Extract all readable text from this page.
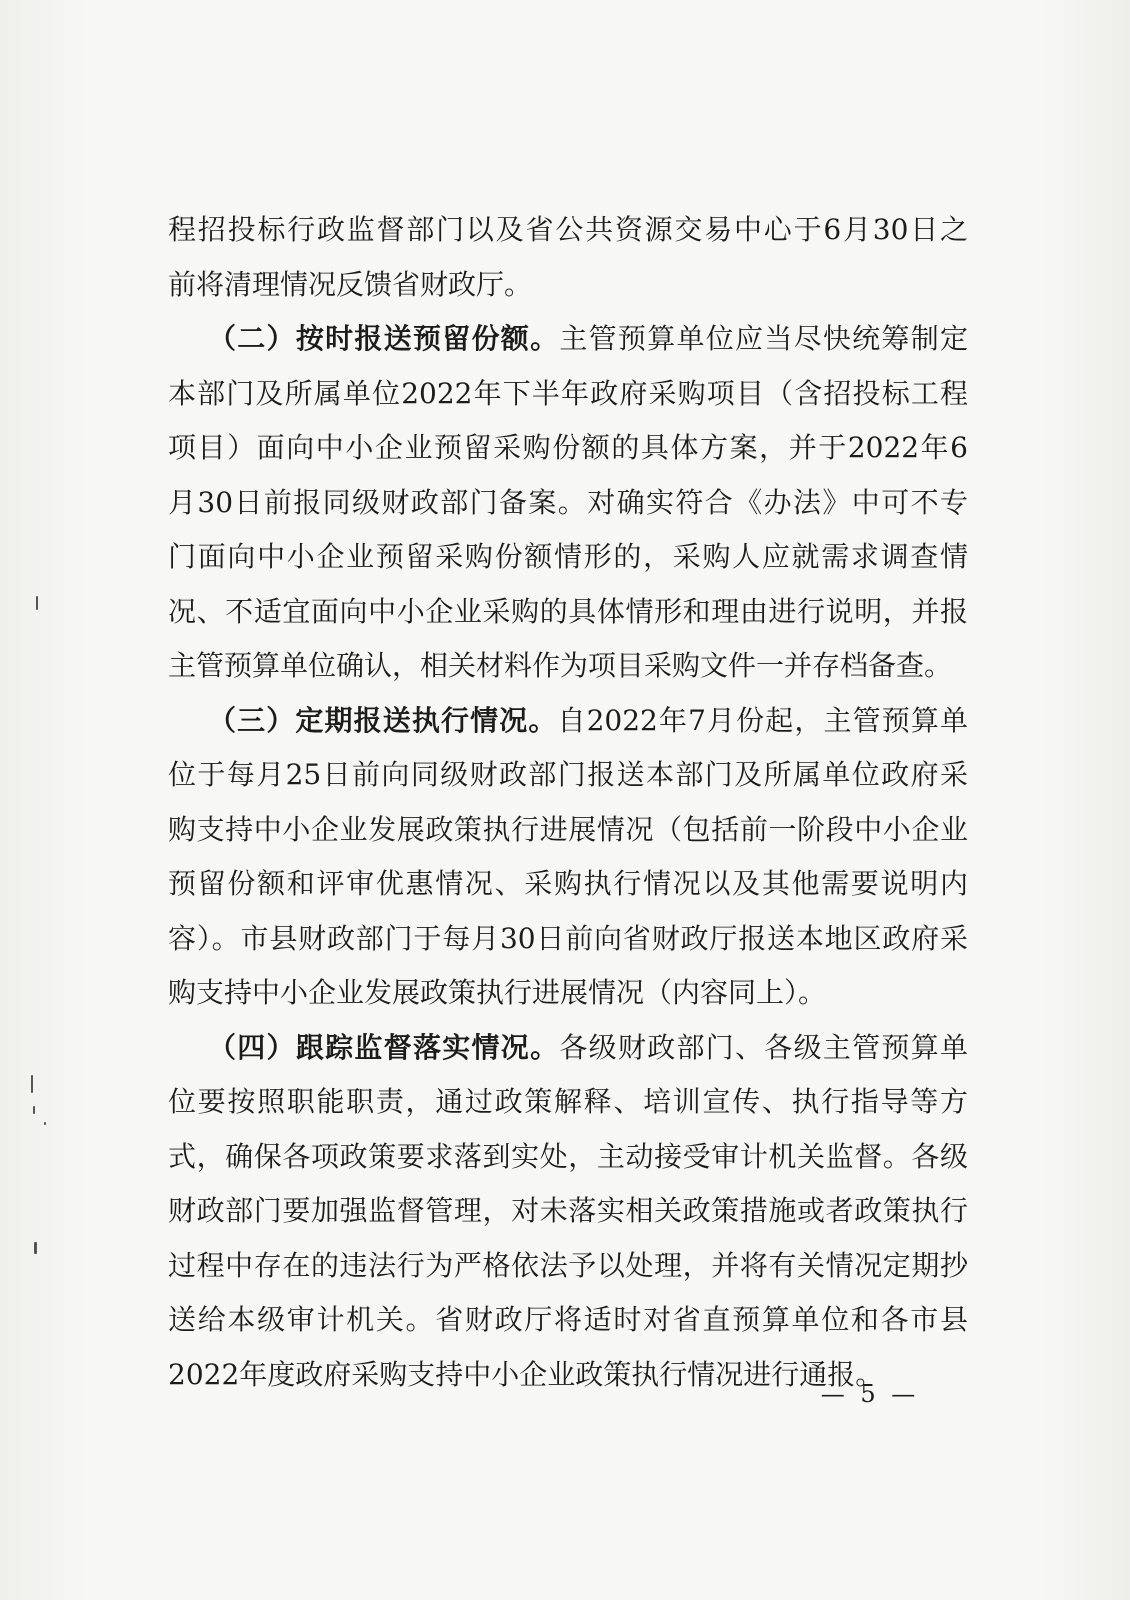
程招投标行政监督部门以及省公共资源交易中心于6月30日之
前将清理情况反馈省财政厅。
（二）按时报送预留份额。主管预算单位应当尽快统筹制定
本部门及所属单位2022年下半年政府采购项目（含招投标工程
项目）面向中小企业预留采购份额的具体方案，并于2022年6
月30日前报同级财政部门备案。对确实符合《办法》中可不专
门面向中小企业预留采购份额情形的，采购人应就需求调查情
况、不适宜面向中小企业采购的具体情形和理由进行说明，并报
主管预算单位确认，相关材料作为项目采购文件一并存档备查。
（三）定期报送执行情况。自2022年7月份起，主管预算单
位于每月25日前向同级财政部门报送本部门及所属单位政府采
购支持中小企业发展政策执行进展情况（包括前一阶段中小企业
预留份额和评审优惠情况、采购执行情况以及其他需要说明内
容）。市县财政部门于每月30日前向省财政厅报送本地区政府采
购支持中小企业发展政策执行进展情况（内容同上）。
（四）跟踪监督落实情况。各级财政部门、各级主管预算单
位要按照职能职责，通过政策解释、培训宣传、执行指导等方
式，确保各项政策要求落到实处，主动接受审计机关监督。各级
财政部门要加强监督管理，对未落实相关政策措施或者政策执行
过程中存在的违法行为严格依法予以处理，并将有关情况定期抄
送给本级审计机关。省财政厅将适时对省直预算单位和各市县
2022年度政府采购支持中小企业政策执行情况进行通报。
— 5 —
